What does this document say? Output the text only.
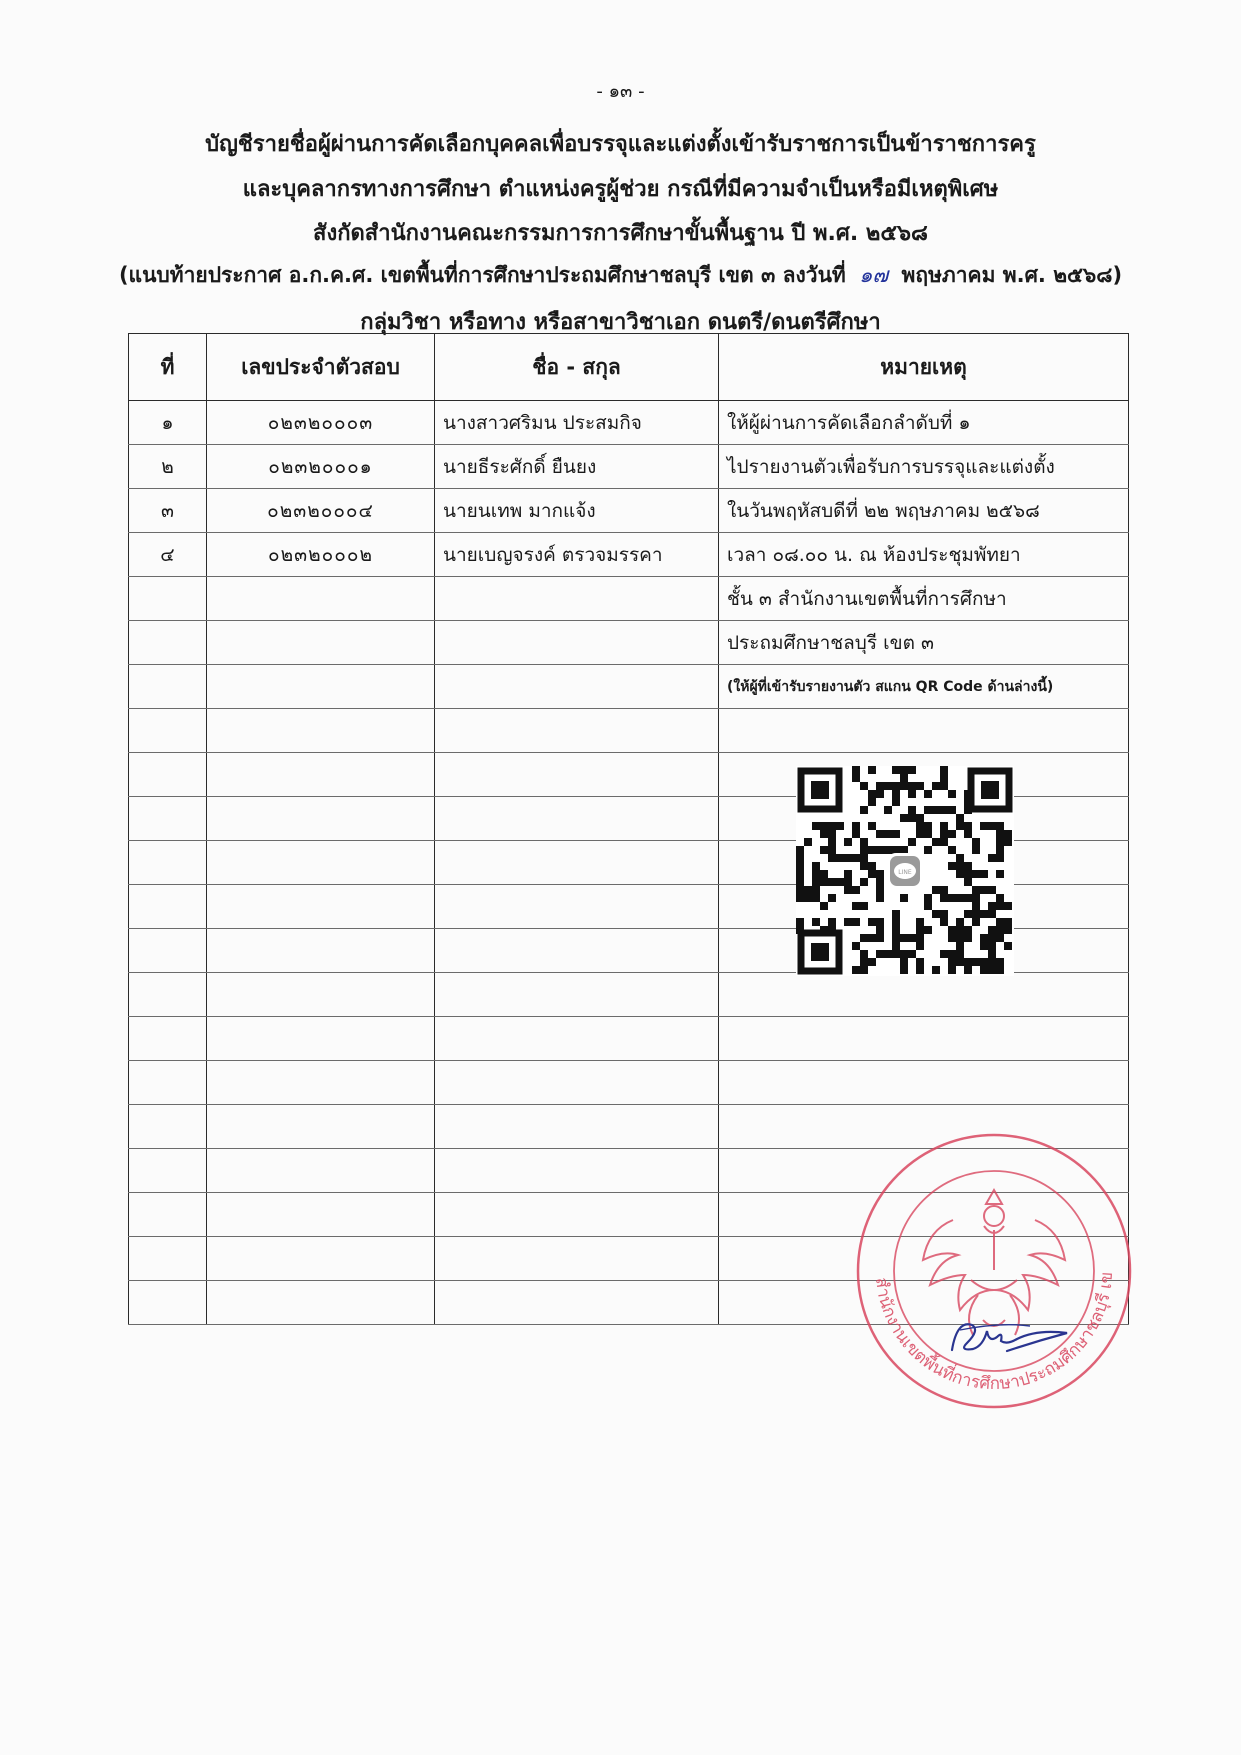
- ๑๓ -
บัญชีรายชื่อผู้ผ่านการคัดเลือกบุคคลเพื่อบรรจุและแต่งตั้งเข้ารับราชการเป็นข้าราชการครู
และบุคลากรทางการศึกษา ตำแหน่งครูผู้ช่วย กรณีที่มีความจำเป็นหรือมีเหตุพิเศษ
สังกัดสำนักงานคณะกรรมการการศึกษาขั้นพื้นฐาน ปี พ.ศ. ๒๕๖๘
(แนบท้ายประกาศ อ.ก.ค.ศ. เขตพื้นที่การศึกษาประถมศึกษาชลบุรี เขต ๓ ลงวันที่ ๑๗ พฤษภาคม พ.ศ. ๒๕๖๘)
กลุ่มวิชา หรือทาง หรือสาขาวิชาเอก ดนตรี/ดนตรีศึกษา
ที่	เลขประจำตัวสอบ	ชื่อ - สกุล	หมายเหตุ
๑	๐๒๓๒๐๐๐๓	นางสาวศริมน ประสมกิจ	ให้ผู้ผ่านการคัดเลือกลำดับที่ ๑
๒	๐๒๓๒๐๐๐๑	นายธีระศักดิ์ ยืนยง	ไปรายงานตัวเพื่อรับการบรรจุและแต่งตั้ง
๓	๐๒๓๒๐๐๐๔	นายนเทพ มากแจ้ง	ในวันพฤหัสบดีที่ ๒๒ พฤษภาคม ๒๕๖๘
๔	๐๒๓๒๐๐๐๒	นายเบญจรงค์ ตรวจมรรคา	เวลา ๐๘.๐๐ น. ณ ห้องประชุมพัทยา
			ชั้น ๓ สำนักงานเขตพื้นที่การศึกษา
			ประถมศึกษาชลบุรี เขต ๓
			(ให้ผู้ที่เข้ารับรายงานตัว สแกน QR Code ด้านล่างนี้)

LINE
สำนักงานเขตพื้นที่การศึกษาประถมศึกษาชลบุรี เข
